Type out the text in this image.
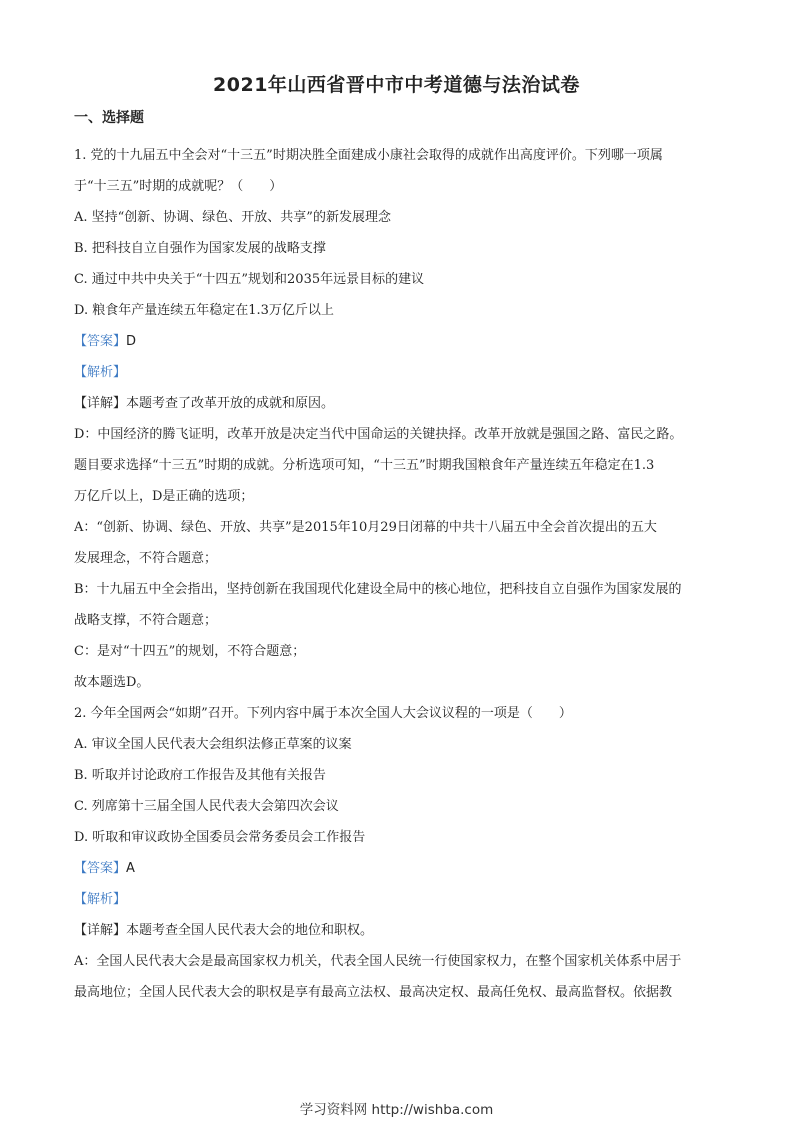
2021年山西省晋中市中考道德与法治试卷
一、选择题
1. 党的十九届五中全会对“十三五”时期决胜全面建成小康社会取得的成就作出高度评价。下列哪一项属
于“十三五”时期的成就呢？（　　）
A. 坚持“创新、协调、绿色、开放、共享”的新发展理念
B. 把科技自立自强作为国家发展的战略支撑
C. 通过中共中央关于“十四五”规划和2035年远景目标的建议
D. 粮食年产量连续五年稳定在1.3万亿斤以上
【答案】D
【解析】
【详解】本题考查了改革开放的成就和原因。
D：中国经济的腾飞证明，改革开放是决定当代中国命运的关键抉择。改革开放就是强国之路、富民之路。
题目要求选择“十三五”时期的成就。分析选项可知，“十三五”时期我国粮食年产量连续五年稳定在1.3
万亿斤以上，D是正确的选项；
A：“创新、协调、绿色、开放、共享”是2015年10月29日闭幕的中共十八届五中全会首次提出的五大
发展理念，不符合题意；
B：十九届五中全会指出，坚持创新在我国现代化建设全局中的核心地位，把科技自立自强作为国家发展的
战略支撑，不符合题意；
C：是对“十四五”的规划，不符合题意；
故本题选D。
2. 今年全国两会“如期”召开。下列内容中属于本次全国人大会议议程的一项是（　　）
A. 审议全国人民代表大会组织法修正草案的议案
B. 听取并讨论政府工作报告及其他有关报告
C. 列席第十三届全国人民代表大会第四次会议
D. 听取和审议政协全国委员会常务委员会工作报告
【答案】A
【解析】
【详解】本题考查全国人民代表大会的地位和职权。
A：全国人民代表大会是最高国家权力机关，代表全国人民统一行使国家权力，在整个国家机关体系中居于
最高地位；全国人民代表大会的职权是享有最高立法权、最高决定权、最高任免权、最高监督权。依据教
学习资料网 http://wishba.com
